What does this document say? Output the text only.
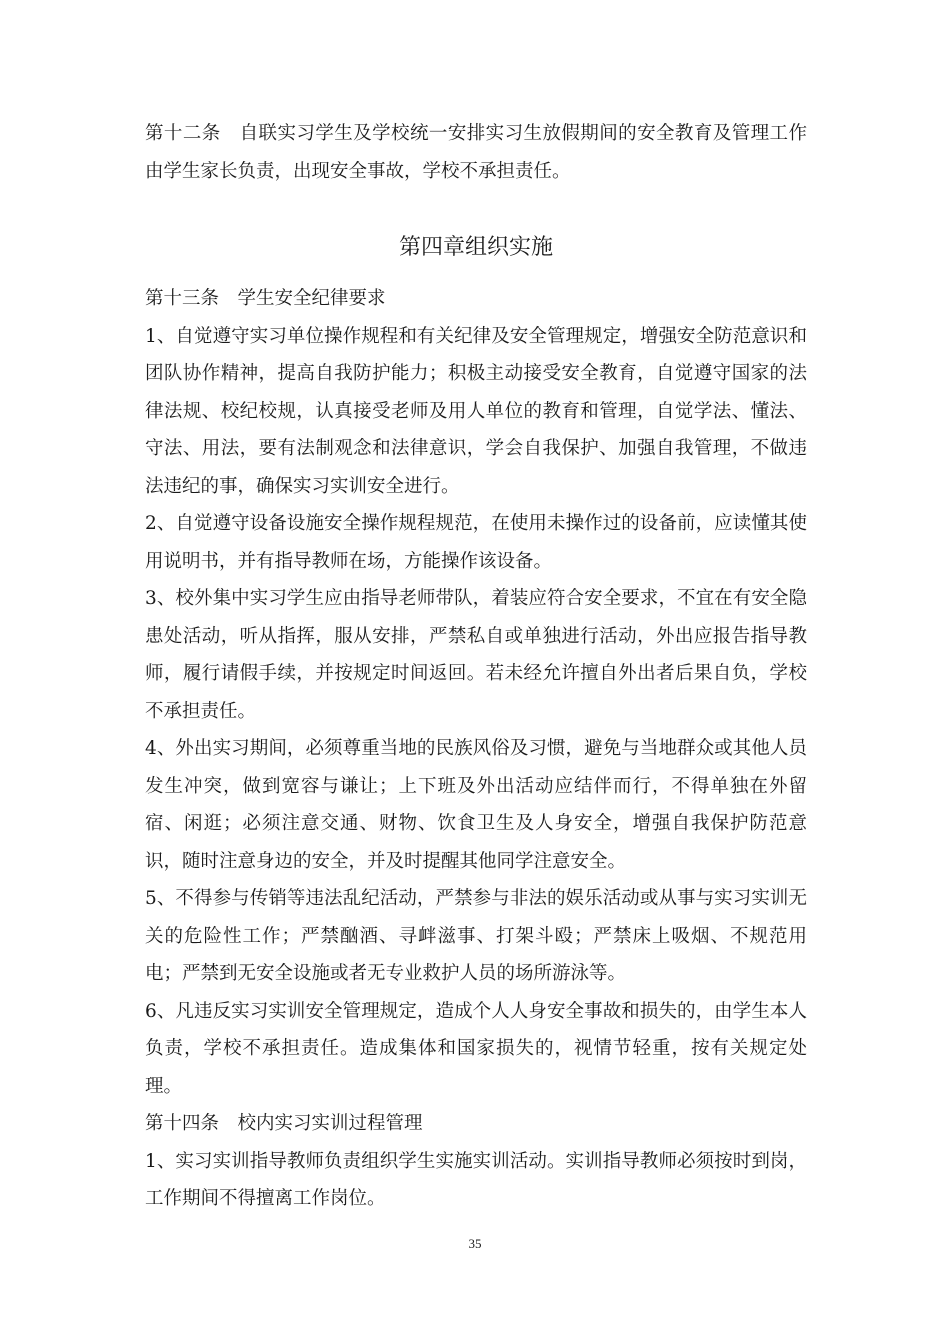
第十二条　自联实习学生及学校统一安排实习生放假期间的安全教育及管理工作由学生家长负责，出现安全事故，学校不承担责任。

第四章组织实施

第十三条　学生安全纪律要求

1、自觉遵守实习单位操作规程和有关纪律及安全管理规定，增强安全防范意识和团队协作精神，提高自我防护能力；积极主动接受安全教育，自觉遵守国家的法律法规、校纪校规，认真接受老师及用人单位的教育和管理，自觉学法、懂法、守法、用法，要有法制观念和法律意识，学会自我保护、加强自我管理，不做违法违纪的事，确保实习实训安全进行。

2、自觉遵守设备设施安全操作规程规范，在使用未操作过的设备前，应读懂其使用说明书，并有指导教师在场，方能操作该设备。

3、校外集中实习学生应由指导老师带队，着装应符合安全要求，不宜在有安全隐患处活动，听从指挥，服从安排，严禁私自或单独进行活动，外出应报告指导教师，履行请假手续，并按规定时间返回。若未经允许擅自外出者后果自负，学校不承担责任。

4、外出实习期间，必须尊重当地的民族风俗及习惯，避免与当地群众或其他人员发生冲突，做到宽容与谦让；上下班及外出活动应结伴而行，不得单独在外留宿、闲逛；必须注意交通、财物、饮食卫生及人身安全，增强自我保护防范意识，随时注意身边的安全，并及时提醒其他同学注意安全。

5、不得参与传销等违法乱纪活动，严禁参与非法的娱乐活动或从事与实习实训无关的危险性工作；严禁酗酒、寻衅滋事、打架斗殴；严禁床上吸烟、不规范用电；严禁到无安全设施或者无专业救护人员的场所游泳等。

6、凡违反实习实训安全管理规定，造成个人人身安全事故和损失的，由学生本人负责，学校不承担责任。造成集体和国家损失的，视情节轻重，按有关规定处理。

第十四条　校内实习实训过程管理

1、实习实训指导教师负责组织学生实施实训活动。实训指导教师必须按时到岗，工作期间不得擅离工作岗位。

35
